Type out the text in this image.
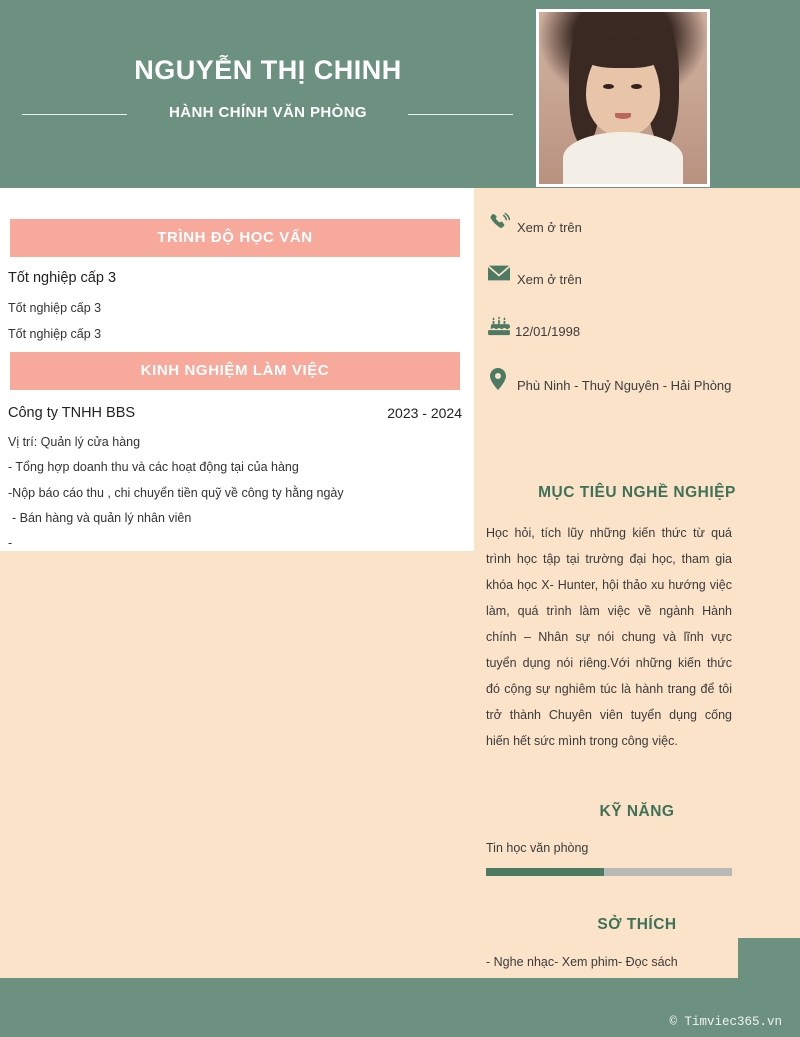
NGUYỄN THỊ CHINH
HÀNH CHÍNH VĂN PHÒNG
TRÌNH ĐỘ HỌC VẤN
Tốt nghiệp cấp 3
Tốt nghiệp cấp 3
Tốt nghiệp cấp 3
KINH NGHIỆM LÀM VIỆC
Công ty TNHH BBS	2023 - 2024
Vị trí: Quản lý cửa hàng
- Tổng hợp doanh thu và các hoạt động tại của hàng
-Nộp báo cáo thu , chi chuyển tiền quỹ về công ty hằng ngày
- Bán hàng và quản lý nhân viên
-
Xem ở trên
Xem ở trên
12/01/1998
Phù Ninh - Thuỷ Nguyên - Hải Phòng
MỤC TIÊU NGHỀ NGHIỆP
Học hỏi, tích lũy những kiến thức từ quá trình học tập tại trường đại học, tham gia khóa học X- Hunter, hội thảo xu hướng việc làm, quá trình làm việc về ngành Hành chính – Nhân sự nói chung và lĩnh vực tuyển dụng nói riêng.Với những kiến thức đó cộng sự nghiêm túc là hành trang để tôi trở thành Chuyên viên tuyển dụng cống hiến hết sức mình trong công việc.
KỸ NĂNG
Tin học văn phòng
SỞ THÍCH
- Nghe nhạc- Xem phim- Đọc sách
© Timviec365.vn
